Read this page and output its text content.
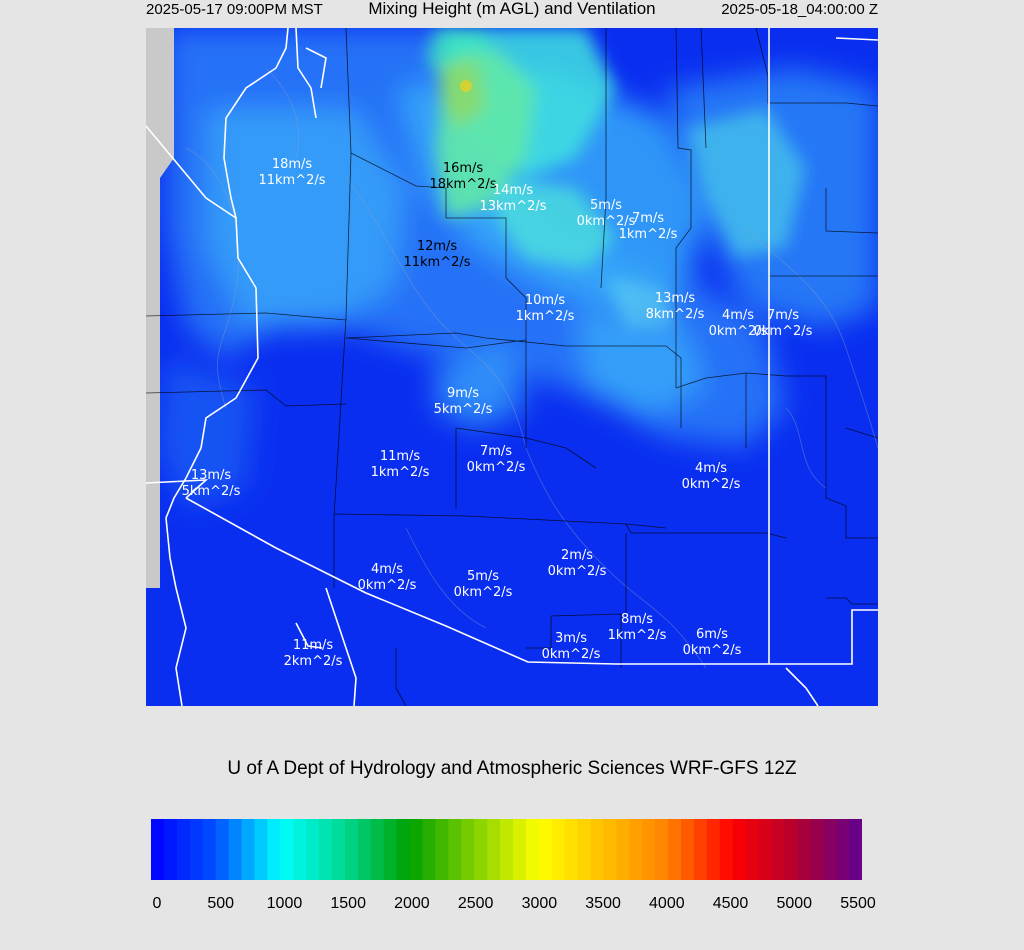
2025-05-17 09:00PM MST	Mixing Height (m AGL) and Ventilation	2025-05-18_04:00:00 Z
18m/s
11km^2/s
16m/s
18km^2/s
14m/s
13km^2/s	5m/s
0km^2/s
7m/s
1km^2/s
12m/s
11km^2/s
10m/s
1km^2/s
13m/s
8km^2/s 4m/s
0km^2/s
7m/s
0km^2/s
9m/s
5km^2/s
11m/s
1km^2/s
7m/s
0km^2/s	4m/s
0km^2/s
13m/s
5km^2/s
4m/s
0km^2/s
5m/s
0km^2/s
2m/s
0km^2/s
8m/s
1km^2/s
11m/s
2km^2/s
3m/s
0km^2/s
6m/s
0km^2/s
U of A Dept of Hydrology and Atmospheric Sciences WRF-GFS 12Z
0	500 1000 1500 2000 2500 3000 3500 4000 4500 5000 5500
